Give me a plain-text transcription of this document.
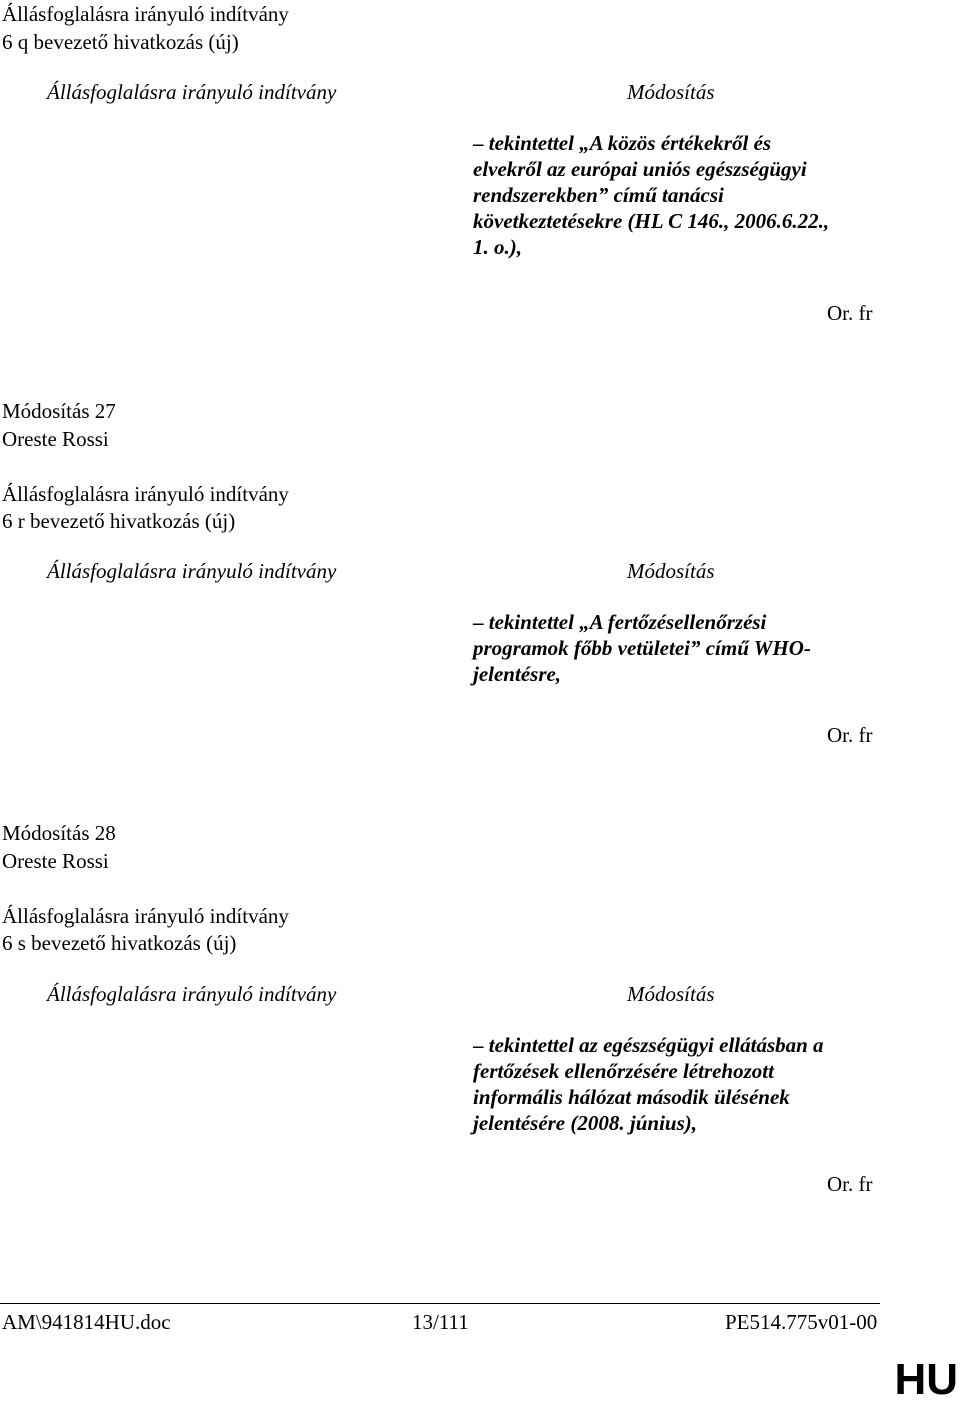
Állásfoglalásra irányuló indítvány
6 q bevezető hivatkozás (új)
Állásfoglalásra irányuló indítvány	Módosítás
– tekintettel „A közös értékekről és
elvekről az európai uniós egészségügyi
rendszerekben” című tanácsi
következtetésekre (HL C 146., 2006.6.22.,
1. o.),
Or. fr
Módosítás 27
Oreste Rossi
Állásfoglalásra irányuló indítvány
6 r bevezető hivatkozás (új)
Állásfoglalásra irányuló indítvány	Módosítás
– tekintettel „A fertőzésellenőrzési
programok főbb vetületei” című WHO-
jelentésre,
Or. fr
Módosítás 28
Oreste Rossi
Állásfoglalásra irányuló indítvány
6 s bevezető hivatkozás (új)
Állásfoglalásra irányuló indítvány	Módosítás
– tekintettel az egészségügyi ellátásban a
fertőzések ellenőrzésére létrehozott
informális hálózat második ülésének
jelentésére (2008. június),
Or. fr
AM\941814HU.doc	13/111	PE514.775v01-00
HU
